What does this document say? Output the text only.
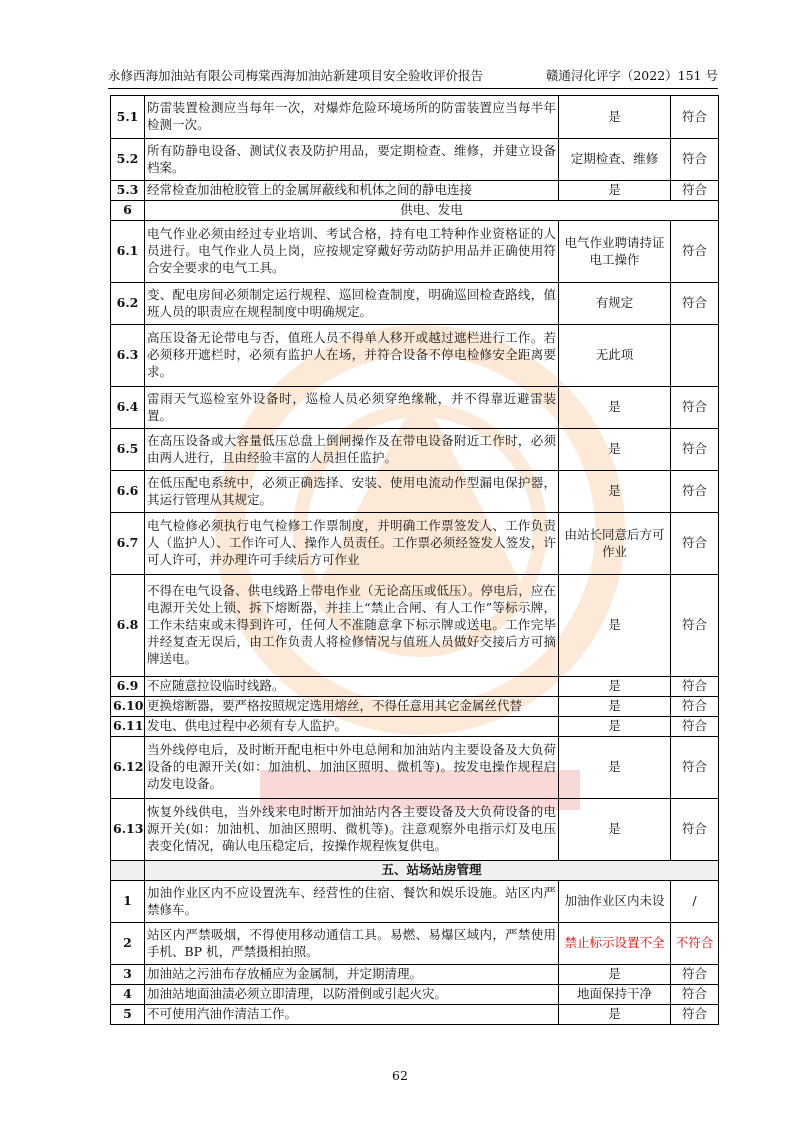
永修西海加油站有限公司梅棠西海加油站新建项目安全验收评价报告	赣通浔化评字（2022）151 号
5.1	防雷装置检测应当每年一次，对爆炸危险环境场所的防雷装置应当每半年检测一次。	是	符合
5.2	所有防静电设备、测试仪表及防护用品，要定期检查、维修，并建立设备档案。	定期检查、维修	符合
5.3	经常检查加油枪胶管上的金属屏蔽线和机体之间的静电连接	是	符合
6	供电、发电		
6.1	电气作业必须由经过专业培训、考试合格，持有电工特种作业资格证的人员进行。电气作业人员上岗，应按规定穿戴好劳动防护用品并正确使用符合安全要求的电气工具。	电气作业聘请持证电工操作	符合
6.2	变、配电房间必须制定运行规程、巡回检查制度，明确巡回检查路线，值班人员的职责应在规程制度中明确规定。	有规定	符合
6.3	高压设备无论带电与否，值班人员不得单人移开或越过遮栏进行工作。若必须移开遮栏时，必须有监护人在场，并符合设备不停电检修安全距离要求。	无此项	
6.4	雷雨天气巡检室外设备时，巡检人员必须穿绝缘靴，并不得靠近避雷装置。	是	符合
6.5	在高压设备或大容量低压总盘上倒闸操作及在带电设备附近工作时，必须由两人进行，且由经验丰富的人员担任监护。	是	符合
6.6	在低压配电系统中，必须正确选择、安装、使用电流动作型漏电保护器，其运行管理从其规定。	是	符合
6.7	电气检修必须执行电气检修工作票制度，并明确工作票签发人、工作负责人（监护人）、工作许可人、操作人员责任。工作票必须经签发人签发，许可人许可，并办理许可手续后方可作业	由站长同意后方可作业	符合
6.8	不得在电气设备、供电线路上带电作业（无论高压或低压）。停电后，应在电源开关处上锁、拆下熔断器，并挂上“禁止合闸、有人工作”等标示牌，工作未结束或未得到许可，任何人不准随意拿下标示牌或送电。工作完毕并经复查无误后，由工作负责人将检修情况与值班人员做好交接后方可摘牌送电。	是	符合
6.9	不应随意拉设临时线路。	是	符合
6.10	更换熔断器，要严格按照规定选用熔丝，不得任意用其它金属丝代替	是	符合
6.11	发电、供电过程中必须有专人监护。	是	符合
6.12	当外线停电后，及时断开配电柜中外电总闸和加油站内主要设备及大负荷设备的电源开关(如：加油机、加油区照明、微机等)。按发电操作规程启动发电设备。	是	符合
6.13	恢复外线供电，当外线来电时断开加油站内各主要设备及大负荷设备的电源开关(如：加油机、加油区照明、微机等)。注意观察外电指示灯及电压表变化情况，确认电压稳定后，按操作规程恢复供电。	是	符合
	五、站场站房管理		
1	加油作业区内不应设置洗车、经营性的住宿、餐饮和娱乐设施。站区内严禁修车。	加油作业区内未设	/
2	站区内严禁吸烟，不得使用移动通信工具。易燃、易爆区域内，严禁使用手机、BP 机，严禁摄相拍照。	禁止标示设置不全	不符合
3	加油站之污油布存放桶应为金属制，并定期清理。	是	符合
4	加油站地面油渍必须立即清理，以防滑倒或引起火灾。	地面保持干净	符合
5	不可使用汽油作清洁工作。	是	符合
62
